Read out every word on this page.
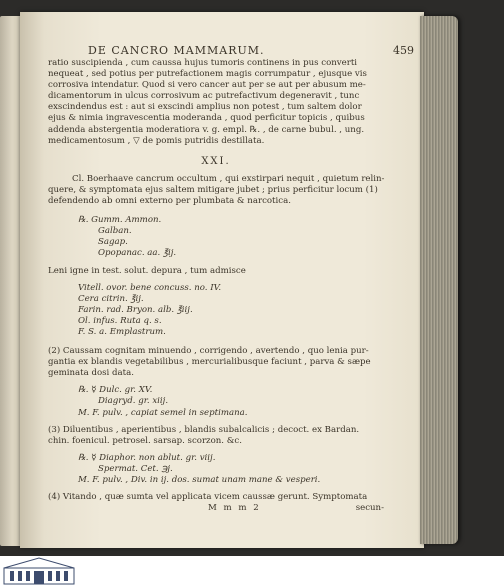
DE CANCRO MAMMARUM.	459
ratio suscipienda , cum caussa hujus tumoris continens in pus converti
nequeat , sed potius per putrefactionem magis corrumpatur , ejusque vis
corrosiva intendatur. Quod si vero cancer aut per se aut per abusum me-
dicamentorum in ulcus corrosivum ac putrefactivum degeneravit , tunc
exscindendus est : aut si exscindi amplius non potest , tum saltem dolor
ejus & nimia ingravescentia moderanda , quod perficitur topicis , quibus
addenda abstergentia moderatiora v. g. empl. ℞. , de carne bubul. , ung.
medicamentosum , ▽ de pomis putridis destillata.
XXI.
Cl. Boerhaave cancrum occultum , qui exstirpari nequit , quietum relin-
quere, & symptomata ejus saltem mitigare jubet ; prius perficitur locum (1)
defendendo ab omni externo per plumbata & narcotica.
℞. Gumm. Ammon.
Galban.
Sagap.
Opopanac. aa. ℥ij.
Leni igne in test. solut. depura , tum admisce
Vitell. ovor. bene concuss. no. IV.
Cera citrin. ℥ij.
Farin. rad. Bryon. alb. ℥iij.
Ol. infus. Ruta q. s.
F. S. a. Emplastrum.
(2) Caussam cognitam minuendo , corrigendo , avertendo , quo lenia pur-
gantia ex blandis vegetabilibus , mercurialibusque faciunt , parva & sæpe
geminata dosi data.
℞. ☿ Dulc. gr. XV.
Diagryd. gr. xiij.
M. F. pulv. , capiat semel in septimana.
(3) Diluentibus , aperientibus , blandis subalcalicis ; decoct. ex Bardan.
chin. foenicul. petrosel. sarsap. scorzon. &c.
℞. ☿ Diaphor. non ablut. gr. viij.
Spermat. Cet. ℈j.
M. F. pulv. , Div. in ij. dos. sumat unam mane & vesperi.
(4) Vitando , quæ sumta vel applicata vicem caussæ gerunt. Symptomata
M m m 2	secun-
